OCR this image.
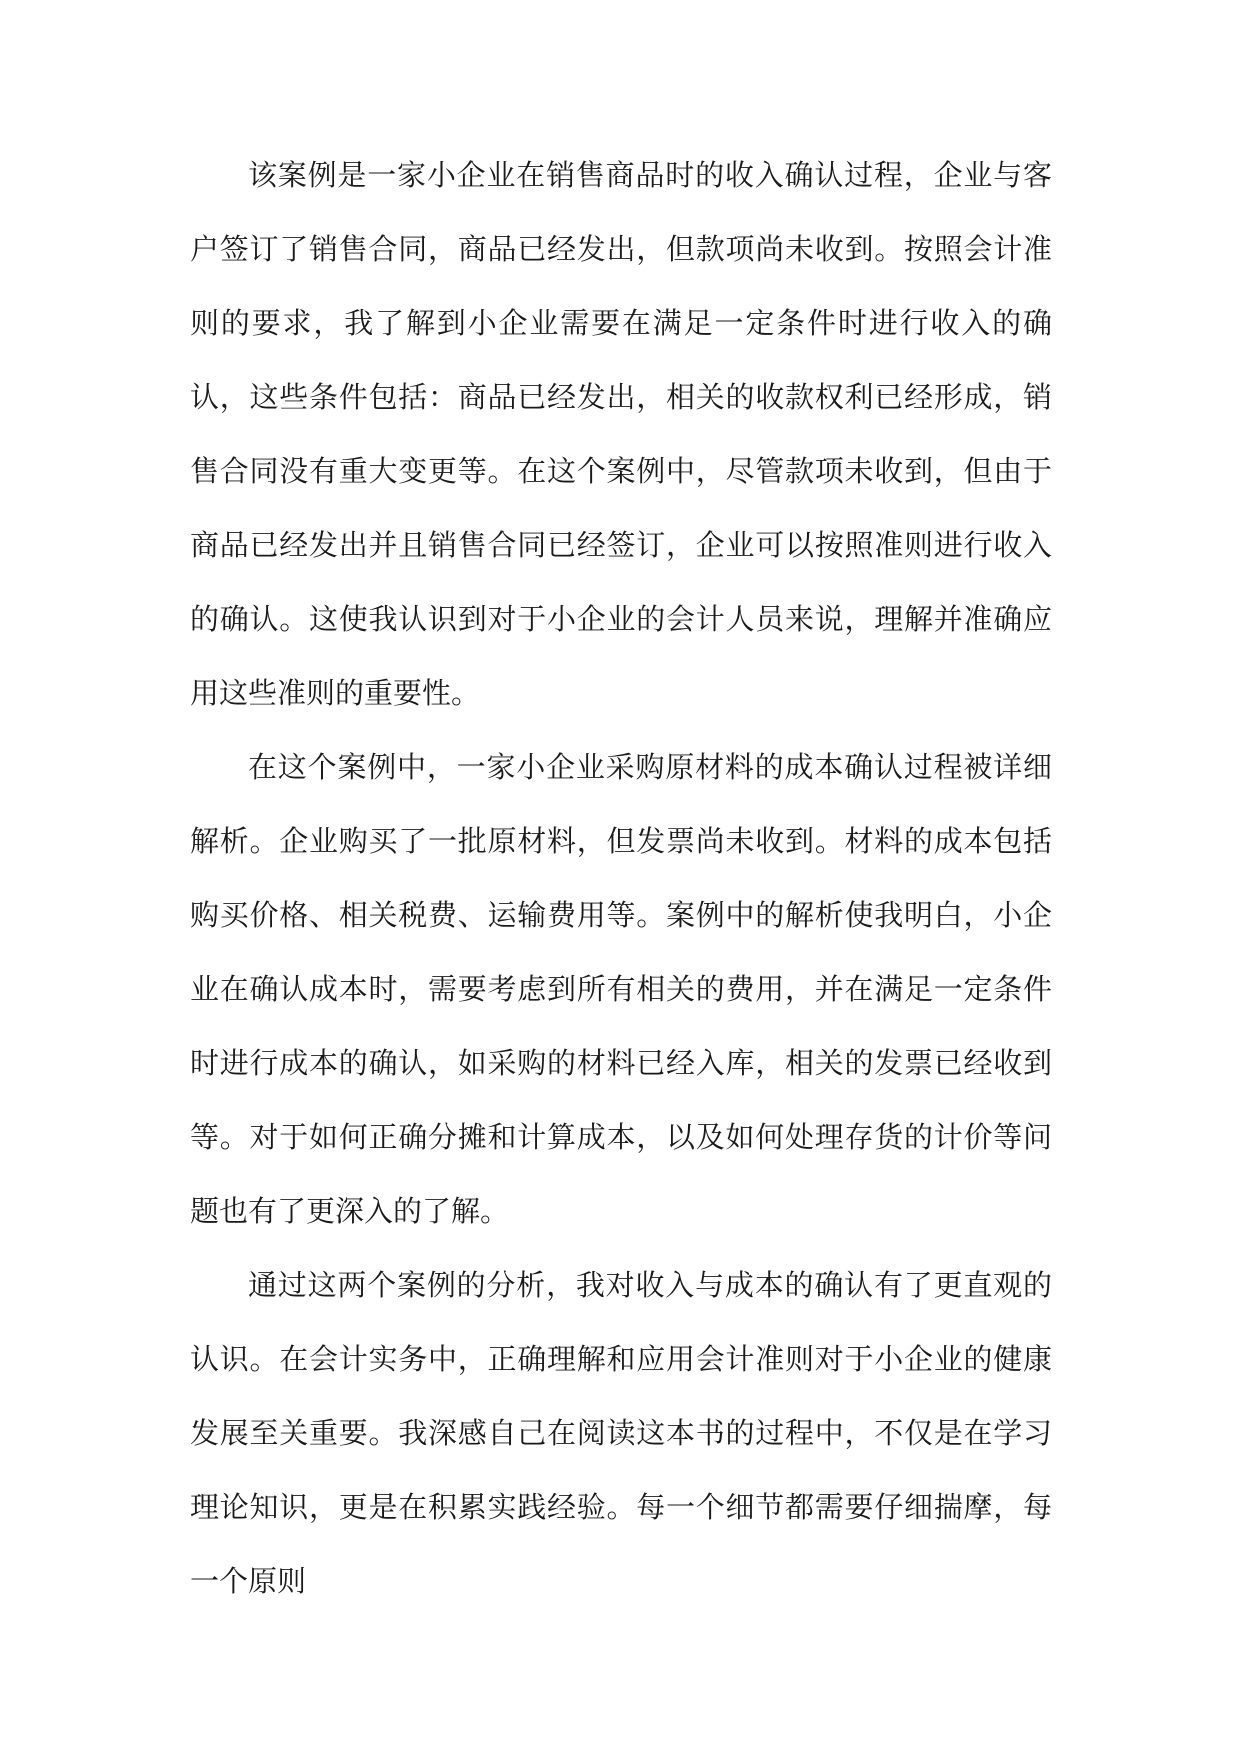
该案例是一家小企业在销售商品时的收入确认过程，企业与客户签订了销售合同，商品已经发出，但款项尚未收到。按照会计准则的要求，我了解到小企业需要在满足一定条件时进行收入的确认，这些条件包括：商品已经发出，相关的收款权利已经形成，销售合同没有重大变更等。在这个案例中，尽管款项未收到，但由于商品已经发出并且销售合同已经签订，企业可以按照准则进行收入的确认。这使我认识到对于小企业的会计人员来说，理解并准确应用这些准则的重要性。

在这个案例中，一家小企业采购原材料的成本确认过程被详细解析。企业购买了一批原材料，但发票尚未收到。材料的成本包括购买价格、相关税费、运输费用等。案例中的解析使我明白，小企业在确认成本时，需要考虑到所有相关的费用，并在满足一定条件时进行成本的确认，如采购的材料已经入库，相关的发票已经收到等。对于如何正确分摊和计算成本，以及如何处理存货的计价等问题也有了更深入的了解。

通过这两个案例的分析，我对收入与成本的确认有了更直观的认识。在会计实务中，正确理解和应用会计准则对于小企业的健康发展至关重要。我深感自己在阅读这本书的过程中，不仅是在学习理论知识，更是在积累实践经验。每一个细节都需要仔细揣摩，每一个原则
